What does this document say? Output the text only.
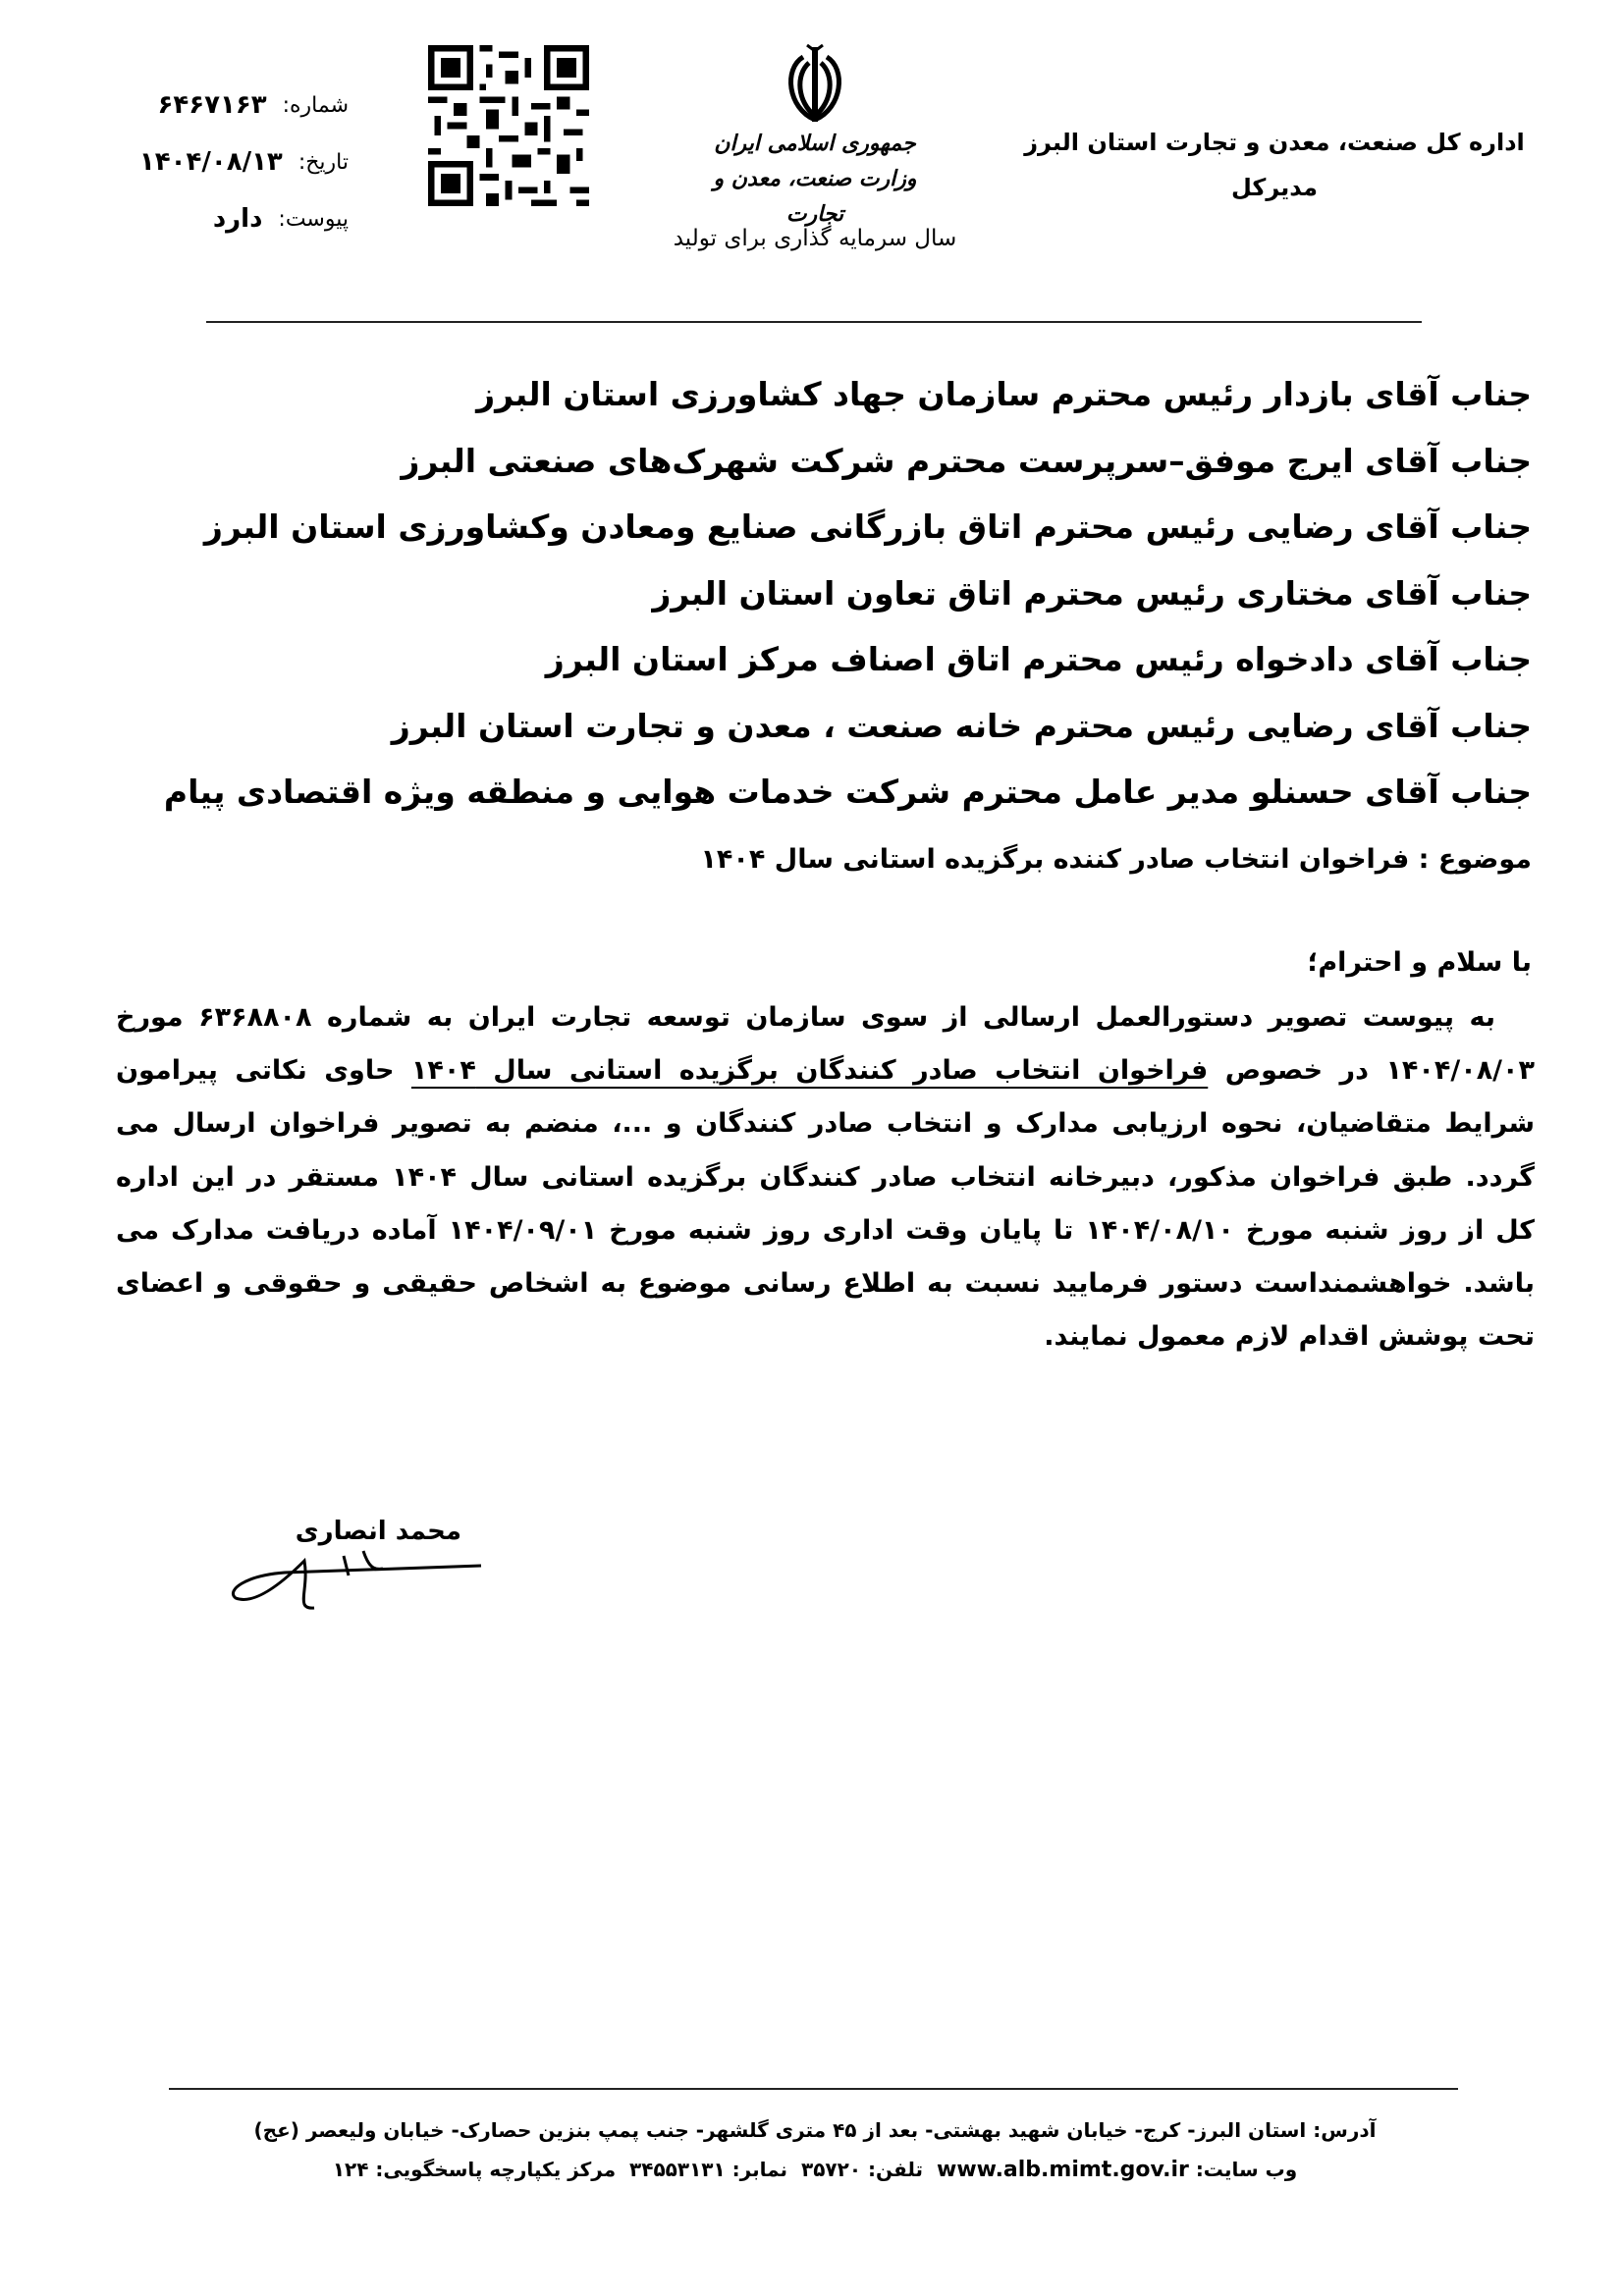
اداره کل صنعت، معدن و تجارت استان البرز
مدیرکل
جمهوری اسلامی ایران
وزارت صنعت، معدن و تجارت
سال سرمایه گذاری برای تولید
شماره:
۶۴۶۷۱۶۳
تاریخ:
۱۴۰۴/۰۸/۱۳
پیوست:
دارد
جناب آقای بازدار رئیس محترم سازمان جهاد کشاورزی استان البرز
جناب آقای ایرج موفق–سرپرست محترم شرکت شهرک‌های صنعتی البرز
جناب آقای رضایی رئیس محترم اتاق بازرگانی صنایع ومعادن وکشاورزی استان البرز
جناب آقای مختاری رئیس محترم اتاق تعاون استان البرز
جناب آقای دادخواه رئیس محترم اتاق اصناف مرکز استان البرز
جناب آقای رضایی رئیس محترم خانه صنعت ، معدن و تجارت استان البرز
جناب آقای حسنلو مدیر عامل محترم شرکت خدمات هوایی و منطقه ویژه اقتصادی پیام
موضوع : فراخوان انتخاب صادر کننده برگزیده استانی سال ۱۴۰۴
با سلام و احترام؛
به پیوست تصویر دستورالعمل ارسالی از سوی سازمان توسعه تجارت ایران به شماره ۶۳۶۸۸۰۸ مورخ
۱۴۰۴/۰۸/۰۳ در خصوص فراخوان انتخاب صادر کنندگان برگزیده استانی سال ۱۴۰۴ حاوی نکاتی پیرامون
شرایط متقاضیان، نحوه ارزیابی مدارک و انتخاب صادر کنندگان و ...، منضم به تصویر فراخوان ارسال می
گردد. طبق فراخوان مذکور، دبیرخانه انتخاب صادر کنندگان برگزیده استانی سال ۱۴۰۴ مستقر در این اداره
کل از روز شنبه مورخ ۱۴۰۴/۰۸/۱۰ تا پایان وقت اداری روز شنبه مورخ ۱۴۰۴/۰۹/۰۱ آماده دریافت مدارک می
باشد. خواهشمنداست دستور فرمایید نسبت به اطلاع رسانی موضوع به اشخاص حقیقی و حقوقی و اعضای
تحت پوشش اقدام لازم معمول نمایند.
محمد انصاری
آدرس: استان البرز- کرج- خیابان شهید بهشتی- بعد از ۴۵ متری گلشهر- جنب پمپ بنزین حصارک- خیابان ولیعصر (عج)
وب سایت: www.alb.mimt.gov.ir  تلفن: ۳۵۷۲۰  نمابر: ۳۴۵۵۳۱۳۱  مرکز یکپارچه پاسخگویی: ۱۲۴
